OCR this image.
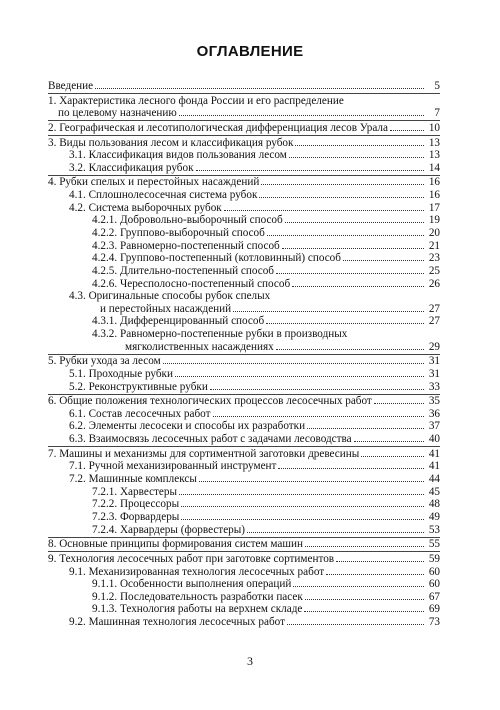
ОГЛАВЛЕНИЕ
Введение	5
1. Характеристика лесного фонда России и его распределение
по целевому назначению	7
2. Географическая и лесотипологическая дифференциация лесов Урала	10
3. Виды пользования лесом и классификация рубок	13
3.1. Классификация видов пользования лесом	13
3.2. Классификация рубок	14
4. Рубки спелых и перестойных насаждений	16
4.1. Сплошнолесосечная система рубок	16
4.2. Система выборочных рубок	17
4.2.1. Добровольно-выборочный способ	19
4.2.2. Группово-выборочный способ	20
4.2.3. Равномерно-постепенный способ	21
4.2.4. Группово-постепенный (котловинный) способ	23
4.2.5. Длительно-постепенный способ	25
4.2.6. Чересполосно-постепенный способ	26
4.3. Оригинальные способы рубок спелых
и перестойных насаждений	27
4.3.1. Дифференцированный способ	27
4.3.2. Равномерно-постепенные рубки в производных
мягколиственных насаждениях	29
5. Рубки ухода за лесом	31
5.1. Проходные рубки	31
5.2. Реконструктивные рубки	33
6. Общие положения технологических процессов лесосечных работ	35
6.1. Состав лесосечных работ	36
6.2. Элементы лесосеки и способы их разработки	37
6.3. Взаимосвязь лесосечных работ с задачами лесоводства	40
7. Машины и механизмы для сортиментной заготовки древесины	41
7.1. Ручной механизированный инструмент	41
7.2. Машинные комплексы	44
7.2.1. Харвестеры	45
7.2.2. Процессоры	48
7.2.3. Форвардеры	49
7.2.4. Харвардеры (форвестеры)	53
8. Основные принципы формирования систем машин	55
9. Технология лесосечных работ при заготовке сортиментов	59
9.1. Механизированная технология лесосечных работ	60
9.1.1. Особенности выполнения операций	60
9.1.2. Последовательность разработки пасек	67
9.1.3. Технология работы на верхнем складе	69
9.2. Машинная технология лесосечных работ	73
3
